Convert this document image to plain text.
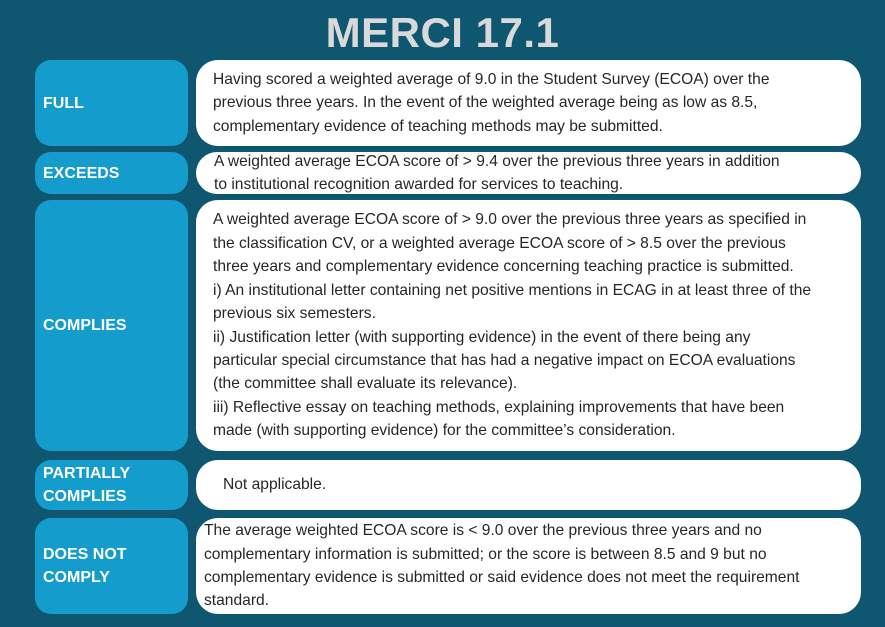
MERCI 17.1
FULL
Having scored a weighted average of 9.0 in the Student Survey (ECOA) over the
previous three years. In the event of the weighted average being as low as 8.5,
complementary evidence of teaching methods may be submitted.
EXCEEDS
A weighted average ECOA score of > 9.4 over the previous three years in addition
to institutional recognition awarded for services to teaching.
COMPLIES
A weighted average ECOA score of > 9.0 over the previous three years as specified in
the classification CV, or a weighted average ECOA score of > 8.5 over the previous
three years and complementary evidence concerning teaching practice is submitted.
i) An institutional letter containing net positive mentions in ECAG in at least three of the
previous six semesters.
ii) Justification letter (with supporting evidence) in the event of there being any
particular special circumstance that has had a negative impact on ECOA evaluations
(the committee shall evaluate its relevance).
iii) Reflective essay on teaching methods, explaining improvements that have been
made (with supporting evidence) for the committee’s consideration.
PARTIALLY COMPLIES
Not applicable.
DOES NOT COMPLY
The average weighted ECOA score is < 9.0 over the previous three years and no
complementary information is submitted; or the score is between 8.5 and 9 but no
complementary evidence is submitted or said evidence does not meet the requirement
standard.
